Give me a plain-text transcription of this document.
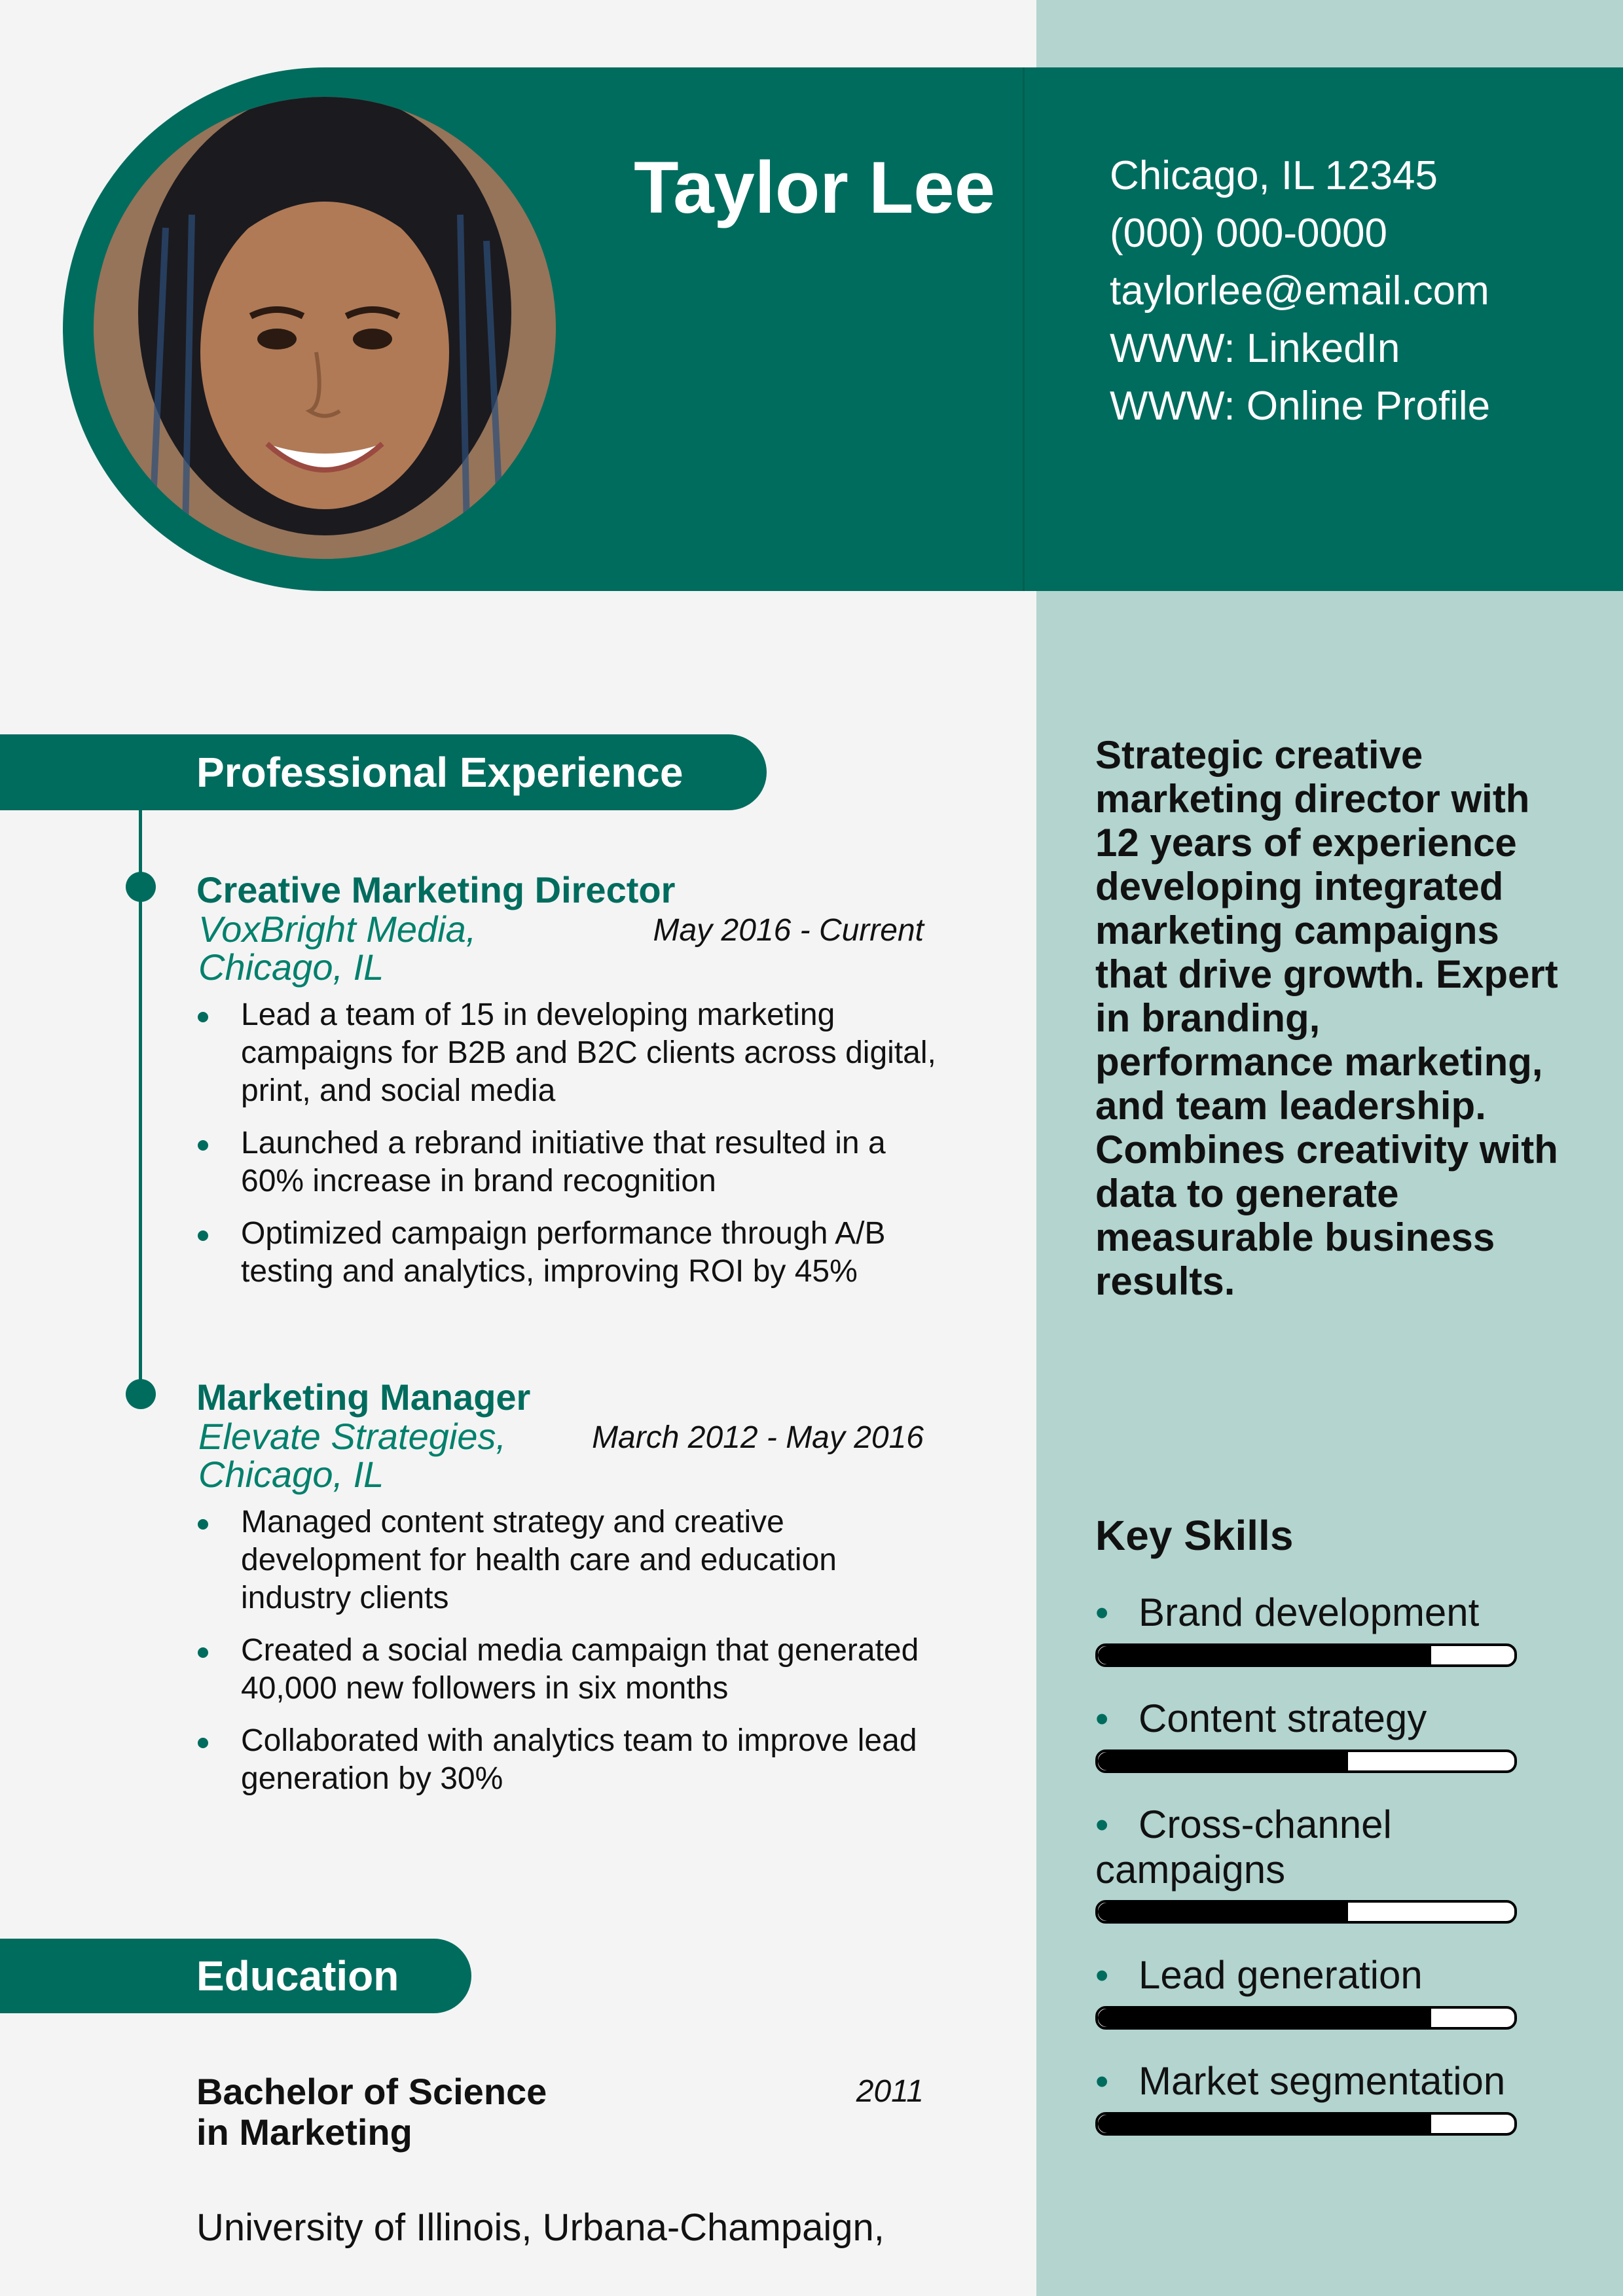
Taylor Lee	Chicago, IL 12345
(000) 000-0000
taylorlee@email.com
WWW: LinkedIn
WWW: Online Profile
Professional Experience
Creative Marketing Director
VoxBright Media,
Chicago, IL
May 2016 - Current
Lead a team of 15 in developing marketing campaigns for B2B and B2C clients across digital, print, and social media
Launched a rebrand initiative that resulted in a 60% increase in brand recognition
Optimized campaign performance through A/B testing and analytics, improving ROI by 45%
Marketing Manager
Elevate Strategies,
Chicago, IL
March 2012 - May 2016
Managed content strategy and creative development for health care and education industry clients
Created a social media campaign that generated 40,000 new followers in six months
Collaborated with analytics team to improve lead generation by 30%
Education
Bachelor of Science in Marketing
2011
University of Illinois, Urbana-Champaign,
Strategic creative marketing director with 12 years of experience developing integrated marketing campaigns that drive growth. Expert in branding, performance marketing, and team leadership. Combines creativity with data to generate measurable business results.
Key Skills
• Brand development
• Content strategy
• Cross-channel campaigns
• Lead generation
• Market segmentation
